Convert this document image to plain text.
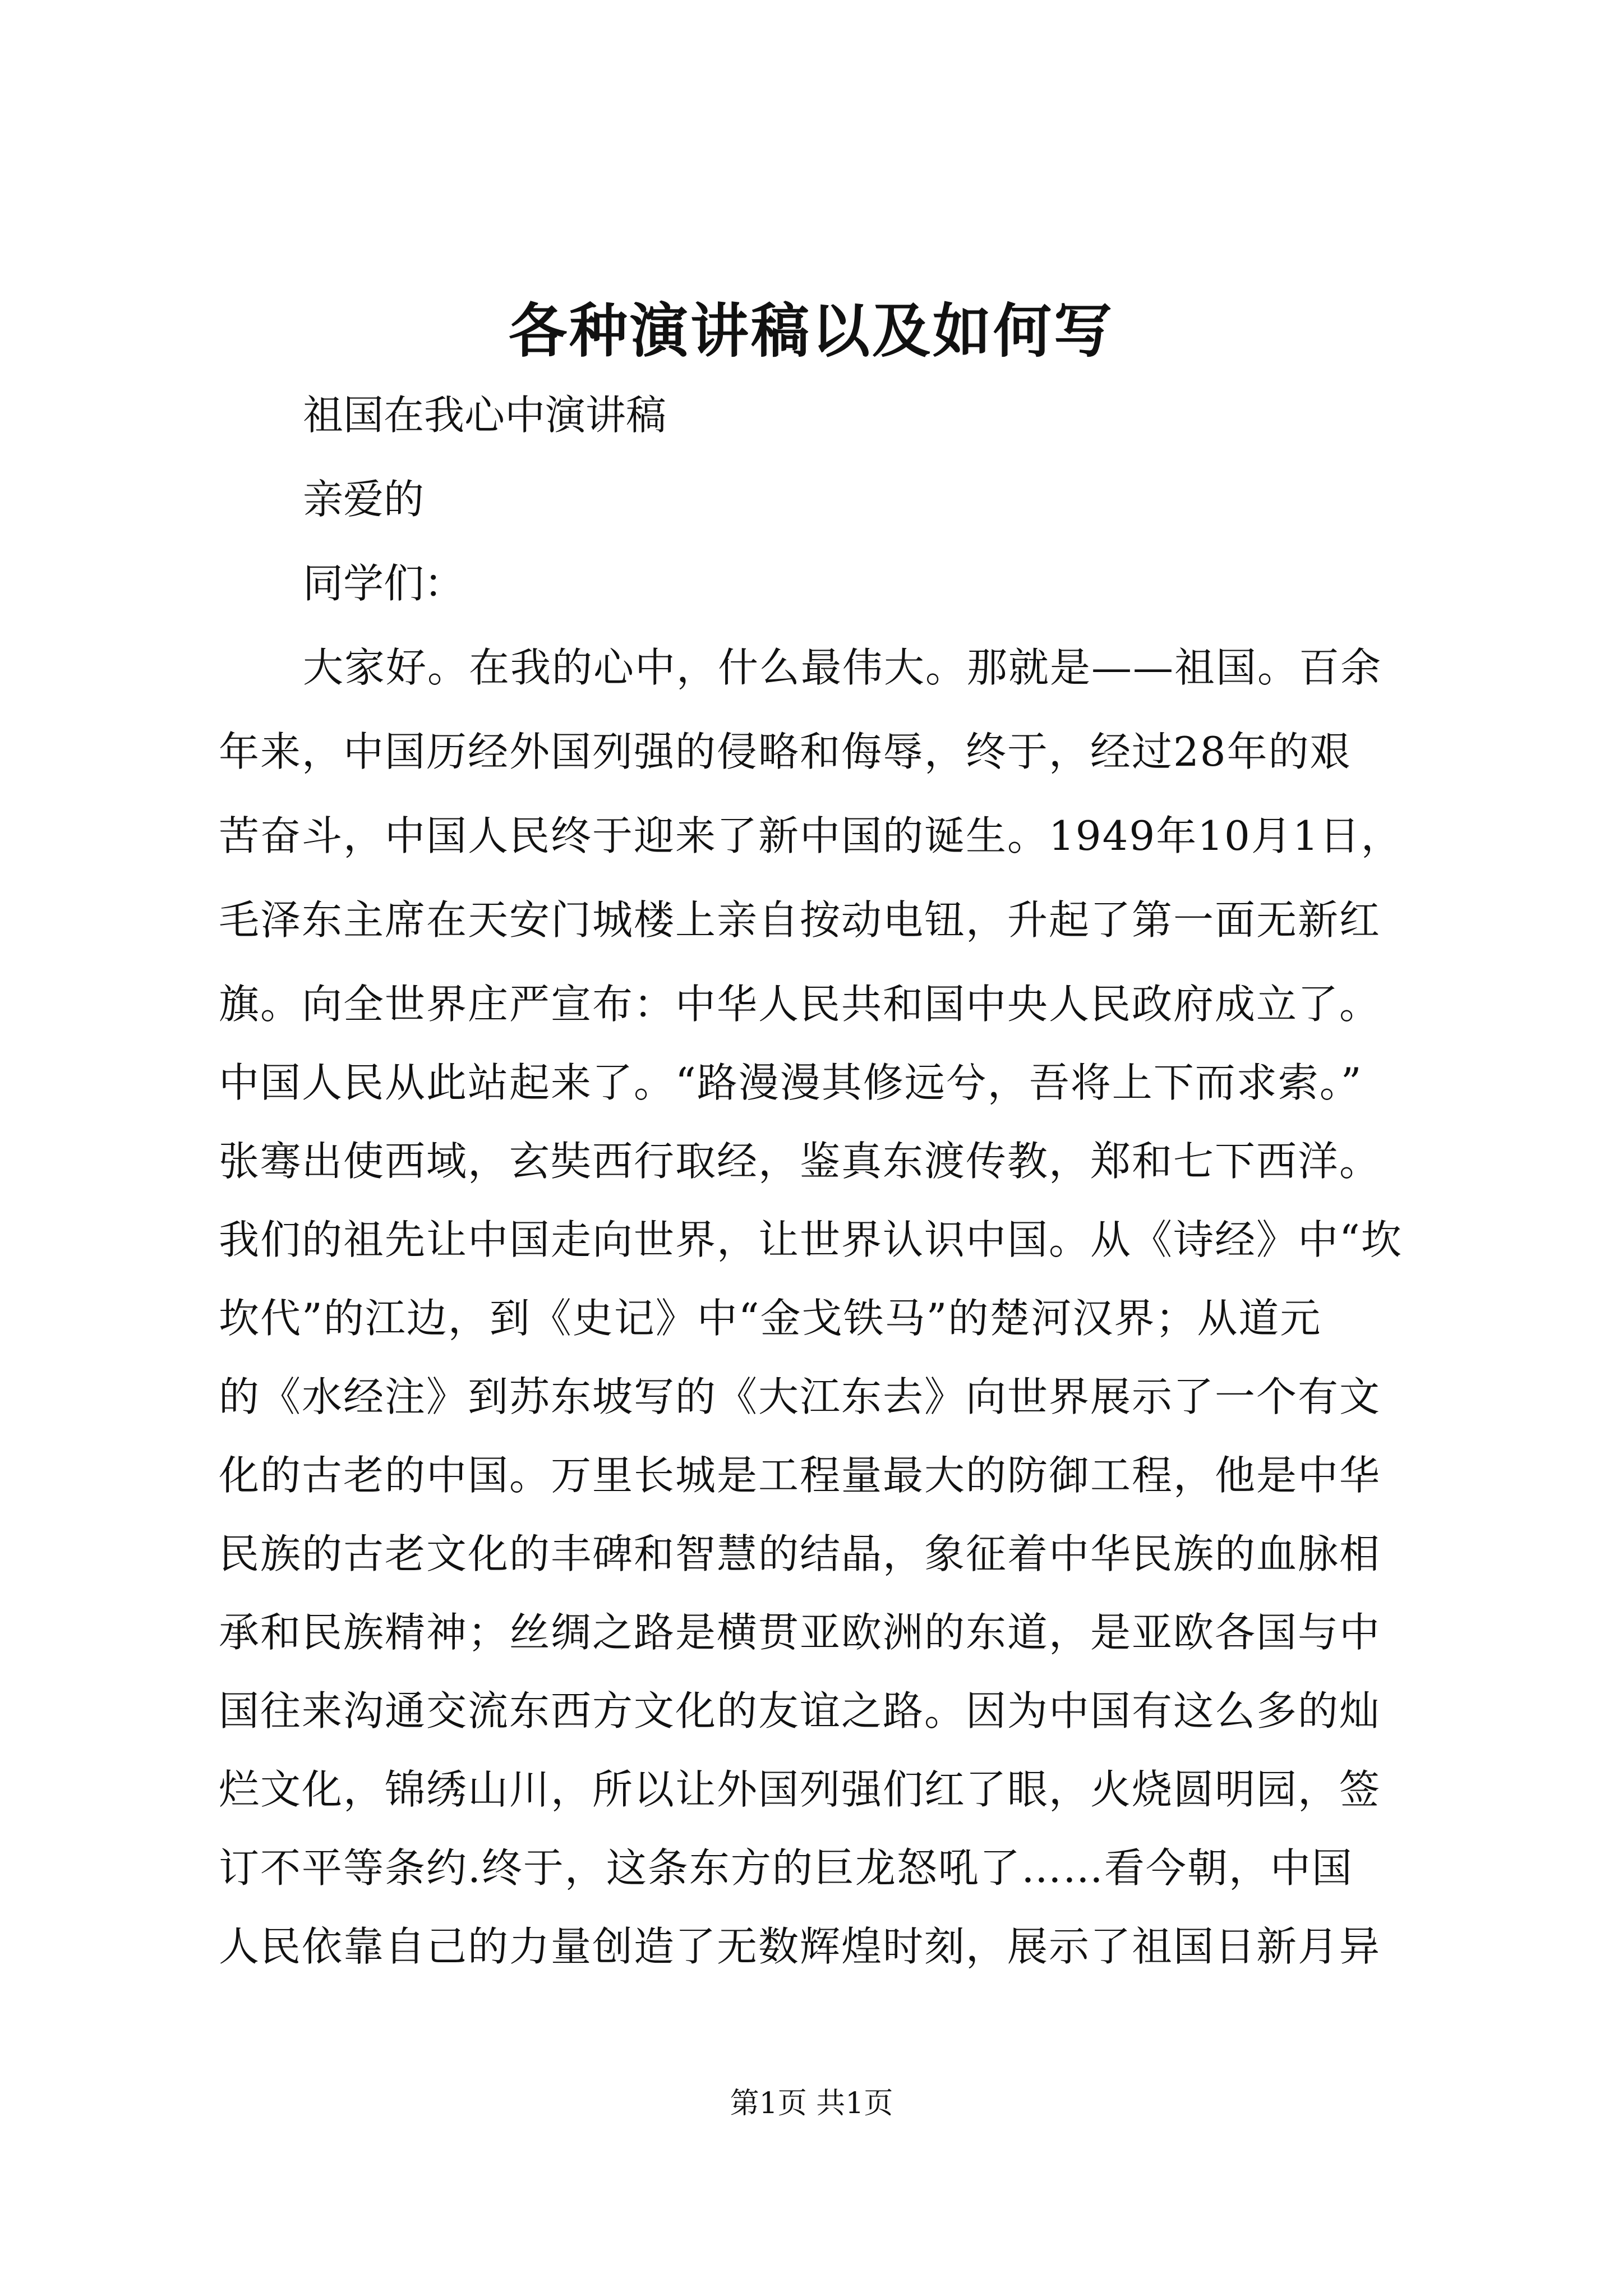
各种演讲稿以及如何写
祖国在我心中演讲稿
亲爱的
同学们：
大家好。在我的心中，什么最伟大。那就是——祖国。百余
年来，中国历经外国列强的侵略和侮辱，终于，经过28年的艰
苦奋斗，中国人民终于迎来了新中国的诞生。1949年10月1日，
毛泽东主席在天安门城楼上亲自按动电钮，升起了第一面无新红
旗。向全世界庄严宣布：中华人民共和国中央人民政府成立了。
中国人民从此站起来了。“路漫漫其修远兮，吾将上下而求索。”
张骞出使西域，玄奘西行取经，鉴真东渡传教，郑和七下西洋。
我们的祖先让中国走向世界，让世界认识中国。从《诗经》中“坎
坎代”的江边，到《史记》中“金戈铁马”的楚河汉界；从道元
的《水经注》到苏东坡写的《大江东去》向世界展示了一个有文
化的古老的中国。万里长城是工程量最大的防御工程，他是中华
民族的古老文化的丰碑和智慧的结晶，象征着中华民族的血脉相
承和民族精神；丝绸之路是横贯亚欧洲的东道，是亚欧各国与中
国往来沟通交流东西方文化的友谊之路。因为中国有这么多的灿
烂文化，锦绣山川，所以让外国列强们红了眼，火烧圆明园，签
订不平等条约.终于，这条东方的巨龙怒吼了……看今朝，中国
人民依靠自己的力量创造了无数辉煌时刻，展示了祖国日新月异
第1页 共1页
